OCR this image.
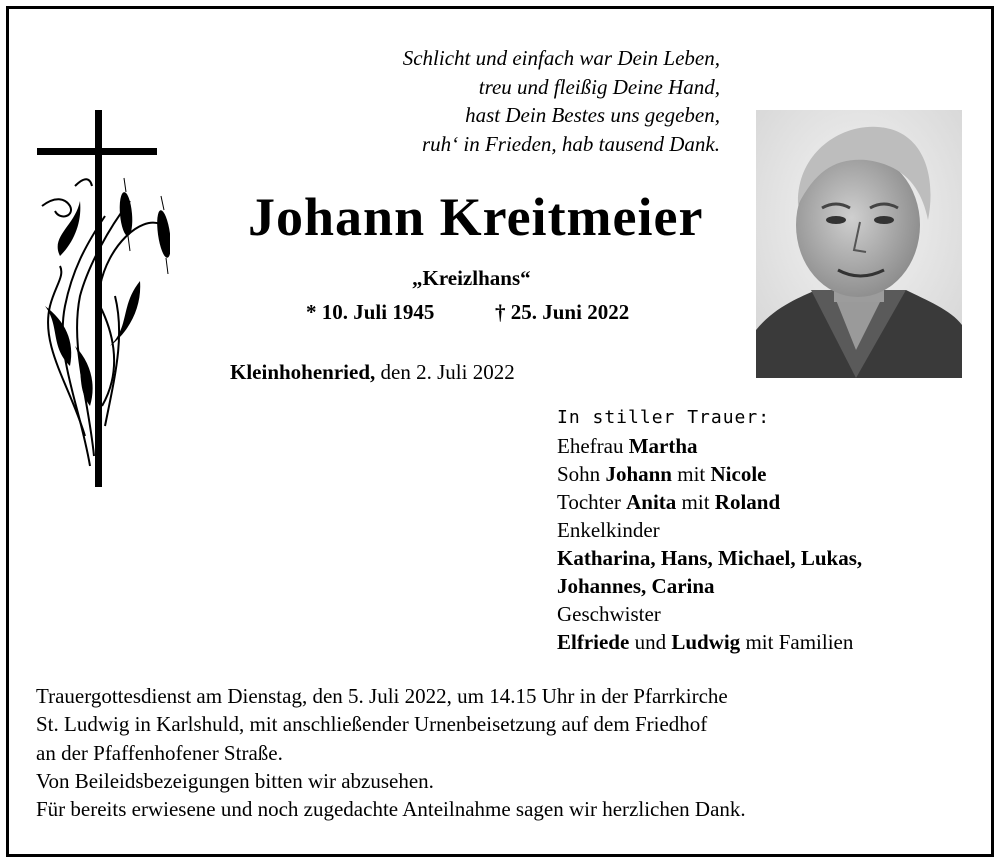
Schlicht und einfach war Dein Leben,
treu und fleißig Deine Hand,
hast Dein Bestes uns gegeben,
ruh‘ in Frieden, hab tausend Dank.
Johann Kreitmeier
„Kreizlhans“
* 10. Juli 1945	† 25. Juni 2022
Kleinhohenried, den 2. Juli 2022
In stiller Trauer:
Ehefrau Martha
Sohn Johann mit Nicole
Tochter Anita mit Roland
Enkelkinder
Katharina, Hans, Michael, Lukas,
Johannes, Carina
Geschwister
Elfriede und Ludwig mit Familien
Trauergottesdienst am Dienstag, den 5. Juli 2022, um 14.15 Uhr in der Pfarrkirche
St. Ludwig in Karlshuld, mit anschließender Urnenbeisetzung auf dem Friedhof
an der Pfaffenhofener Straße.
Von Beileidsbezeigungen bitten wir abzusehen.
Für bereits erwiesene und noch zugedachte Anteilnahme sagen wir herzlichen Dank.
